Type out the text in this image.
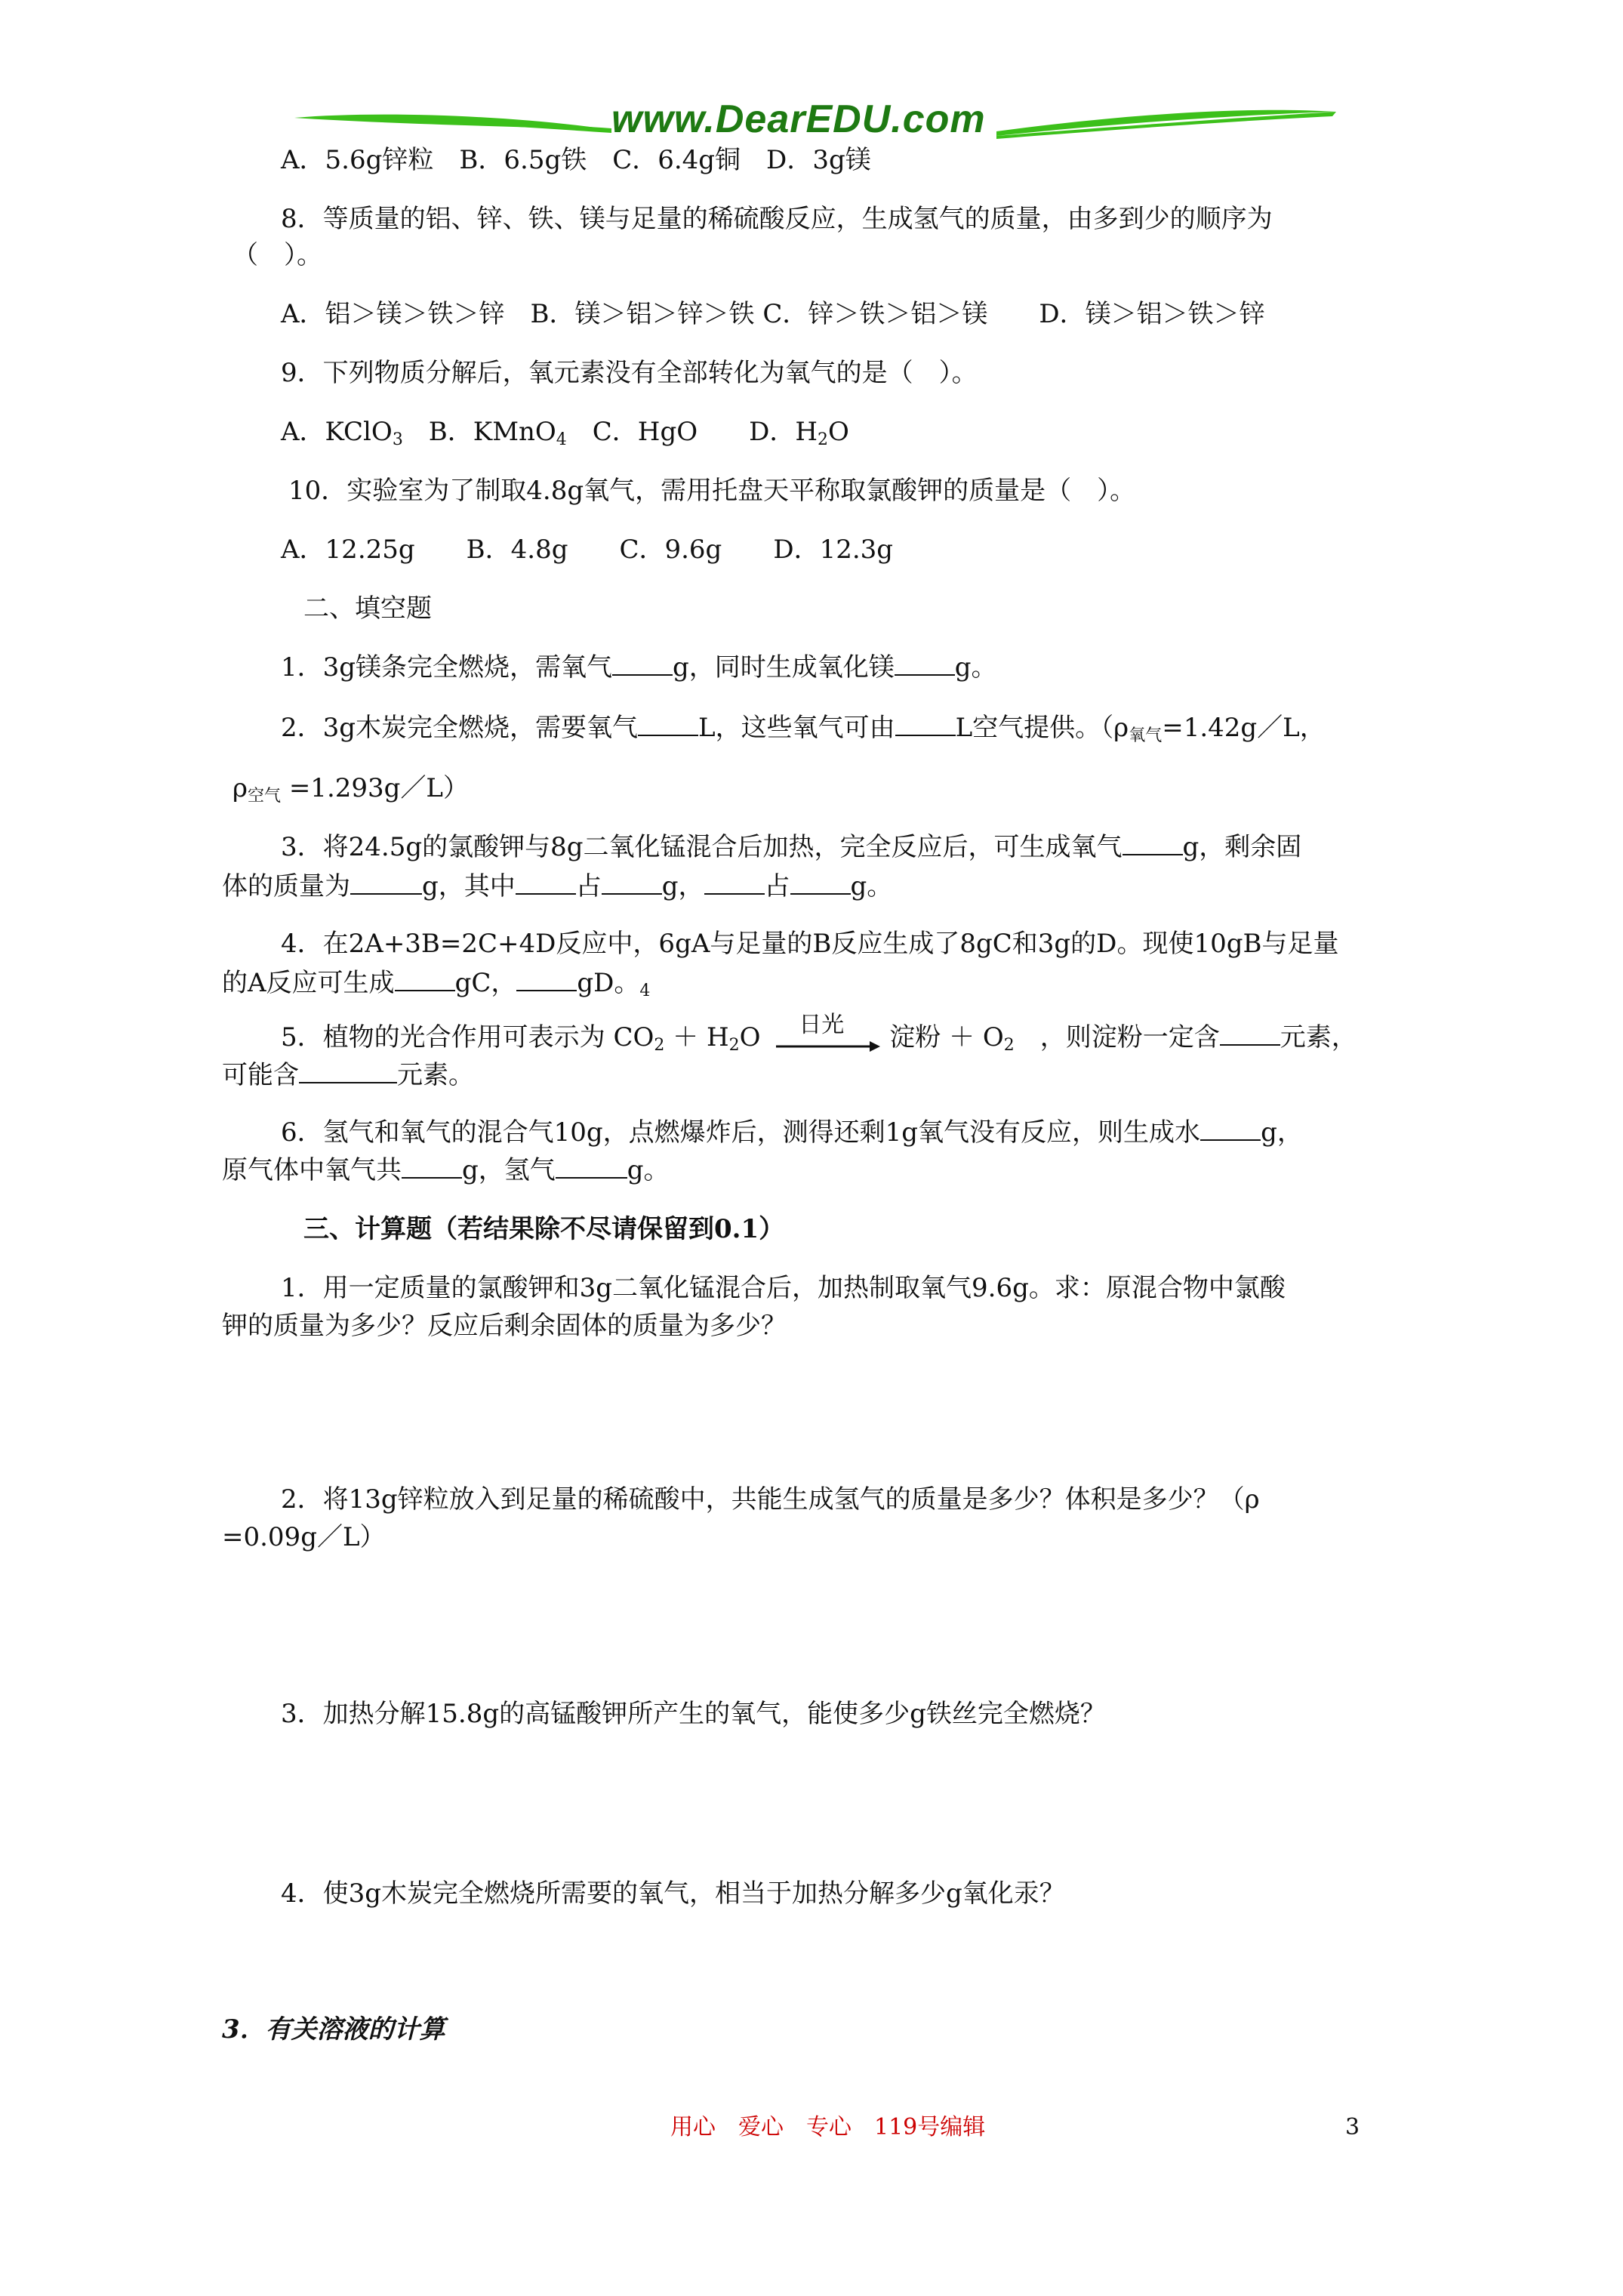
www.DearEDU.com
A．5.6g锌粒　B．6.5g铁　C．6.4g铜　D．3g镁
8．等质量的铝、锌、铁、镁与足量的稀硫酸反应，生成氢气的质量，由多到少的顺序为
（　）。
A．铝＞镁＞铁＞锌　B．镁＞铝＞锌＞铁 C．锌＞铁＞铝＞镁　　D．镁＞铝＞铁＞锌
9．下列物质分解后，氧元素没有全部转化为氧气的是（　）。
A．KClO$_3$　B．KMnO$_4$　C．HgO　　D．$H_2O$
10．实验室为了制取4.8g氧气，需用托盘天平称取氯酸钾的质量是（　）。
A．12.25g　　B．4.8g　　C．9.6g　　D．12.3g
二、填空题
1．3g镁条完全燃烧，需氧气 g，同时生成氧化镁 g。
2．3g木炭完全燃烧，需要氧气 L，这些氧气可由 L空气提供。（$\rho_{氧气}=1.42g/L$，
$\rho_{空气}$ =1.293g／L）
3．将24.5g的氯酸钾与8g二氧化锰混合后加热，完全反应后，可生成氧气 g，剩余固
体的质量为	g，其中 占 g， 占 g。
4．在2A+3B=2C+4D反应中，6gA与足量的B反应生成了8gC和3g的D。现使10gB与足量
的A反应可生成 gC， gD。$_4$
5．植物的光合作用可表示为 $CO_2 + H_2O$ 日光 淀粉 ＋ $O_2$　，则淀粉一定含 元素，
可能含	元素。
6．氢气和氧气的混合气10g，点燃爆炸后，测得还剩1g氧气没有反应，则生成水 g，
原气体中氧气共 g，氢气	g。
三、计算题（若结果除不尽请保留到0.1）
1．用一定质量的氯酸钾和3g二氧化锰混合后，加热制取氧气9.6g。求：原混合物中氯酸
钾的质量为多少？反应后剩余固体的质量为多少？
2．将13g锌粒放入到足量的稀硫酸中，共能生成氢气的质量是多少？体积是多少？（ρ
=0.09g／L）
3．加热分解15.8g的高锰酸钾所产生的氧气，能使多少g铁丝完全燃烧？
4．使3g木炭完全燃烧所需要的氧气，相当于加热分解多少g氧化汞？
3．有关溶液的计算
用心　爱心　专心　119号编辑	3
